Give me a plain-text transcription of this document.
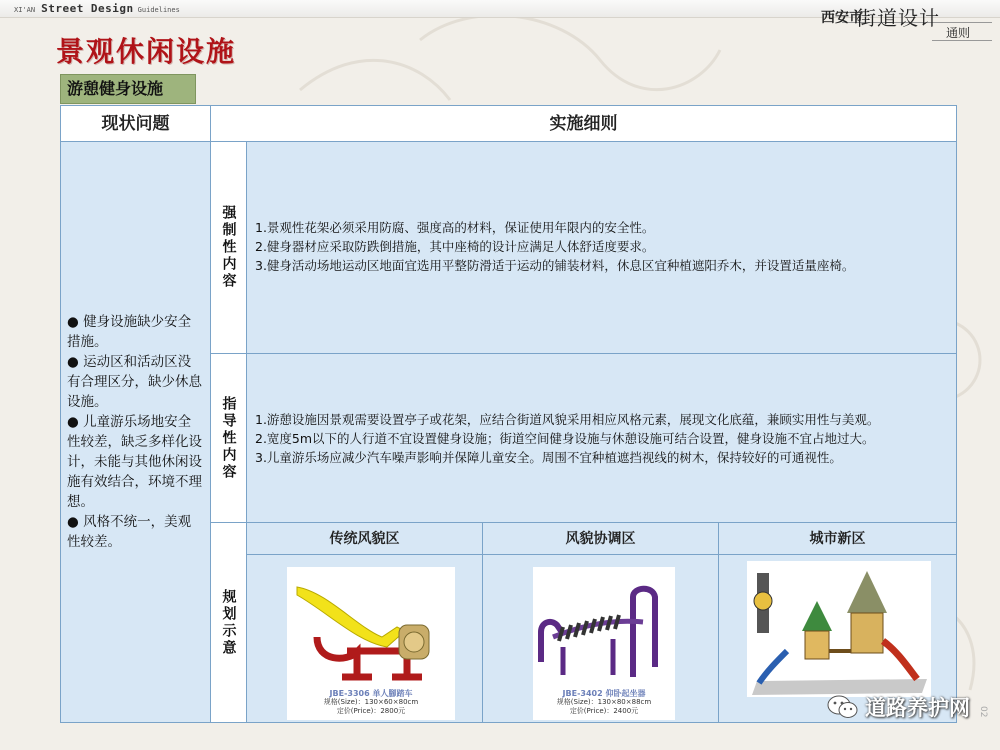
XI'AN Street Design Guidelines	西安市
街道设计
通则
景观休闲设施
游憩健身设施
现状问题	实施细则

● 健身设施缺少安全措施。

● 运动区和活动区没有合理区分，缺少休息设施。

● 儿童游乐场地安全性较差，缺乏多样化设计，未能与其他休闲设施有效结合，环境不理想。

● 风格不统一，美观性较差。

强制性内容	1.景观性花架必须采用防腐、强度高的材料，保证使用年限内的安全性。

2.健身器材应采取防跌倒措施，其中座椅的设计应满足人体舒适度要求。

3.健身活动场地运动区地面宜选用平整防滑适于运动的铺装材料，休息区宜种植遮阳乔木，并设置适量座椅。

指导性内容	1.游憩设施因景观需要设置亭子或花架，应结合街道风貌采用相应风格元素，展现文化底蕴，兼顾实用性与美观。

2.宽度5m以下的人行道不宜设置健身设施；街道空间健身设施与休憩设施可结合设置，健身设施不宜占地过大。

3.儿童游乐场应减少汽车噪声影响并保障儿童安全。周围不宜种植遮挡视线的树木，保持较好的可通视性。

规划示意
传统风貌区	风貌协调区	城市新区
JBE-3306 单人腳踏车
规格(Size)：130×60×80cm
定价(Price)：2800元
JBE-3402 仰卧起坐器
规格(Size)：130×80×88cm
定价(Price)：2400元	道路养护网 02
